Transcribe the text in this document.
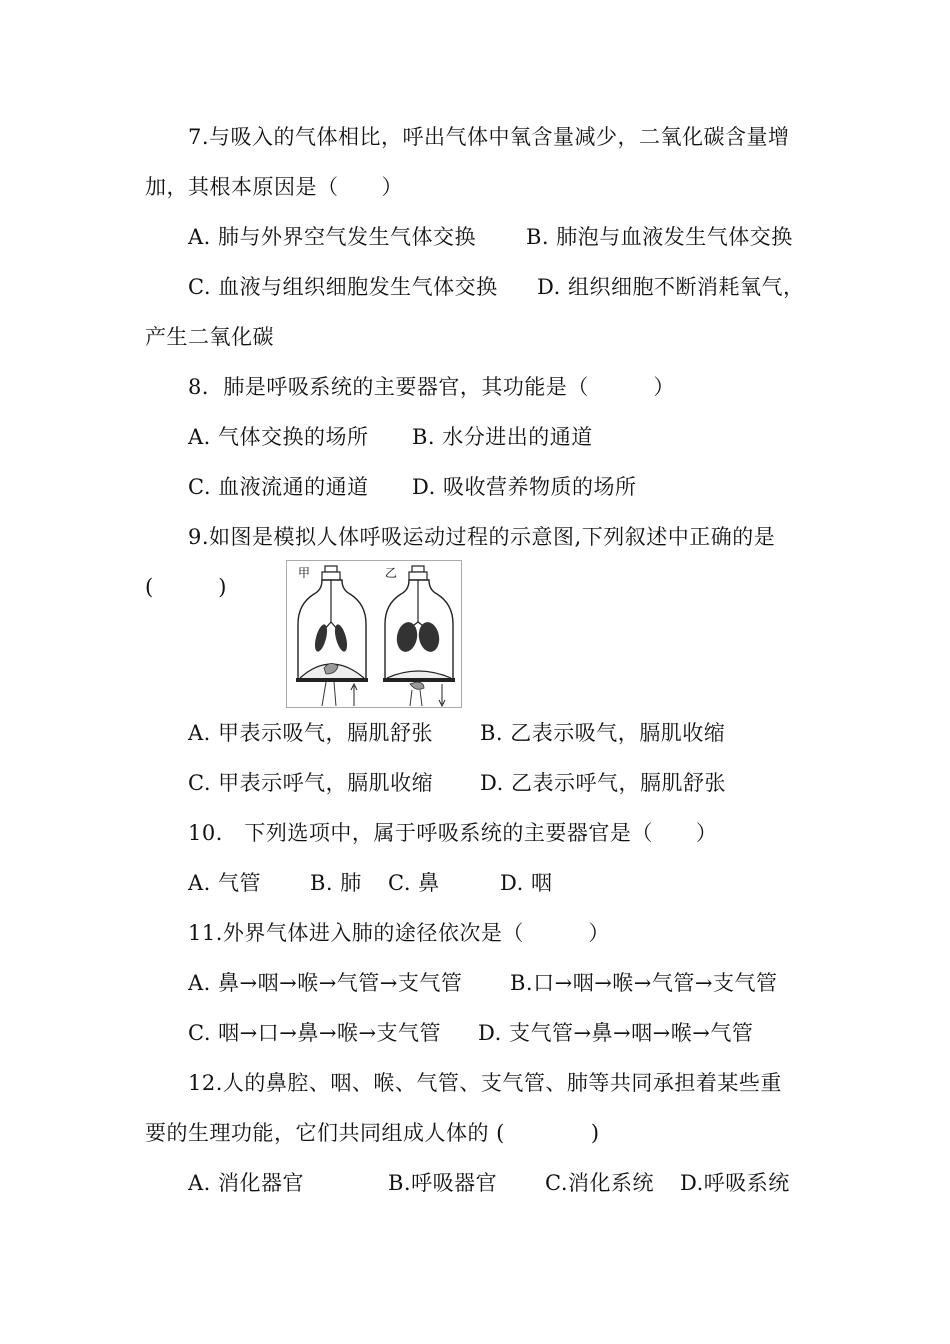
7.与吸入的气体相比，呼出气体中氧含量减少，二氧化碳含量增
加，其根本原因是（　　）
A. 肺与外界空气发生气体交换 B. 肺泡与血液发生气体交换
C. 血液与组织细胞发生气体交换 D. 组织细胞不断消耗氧气，
产生二氧化碳
8．肺是呼吸系统的主要器官，其功能是（　　　）
A. 气体交换的场所 B. 水分进出的通道
C. 血液流通的通道 D. 吸收营养物质的场所
9.如图是模拟人体呼吸运动过程的示意图,下列叙述中正确的是
(　　　)
甲	乙
A. 甲表示吸气，膈肌舒张 B. 乙表示吸气，膈肌收缩
C. 甲表示呼气，膈肌收缩 D. 乙表示呼气，膈肌舒张
10． 下列选项中，属于呼吸系统的主要器官是（　　）
A. 气管 B. 肺 C. 鼻	D. 咽
11.外界气体进入肺的途径依次是（　　　）
A. 鼻→咽→喉→气管→支气管 B.口→咽→喉→气管→支气管
C. 咽→口→鼻→喉→支气管 D. 支气管→鼻→咽→喉→气管
12.人的鼻腔、咽、喉、气管、支气管、肺等共同承担着某些重
要的生理功能，它们共同组成人体的 (　　　　)
A. 消化器官	B.呼吸器官 C.消化系统 D.呼吸系统
